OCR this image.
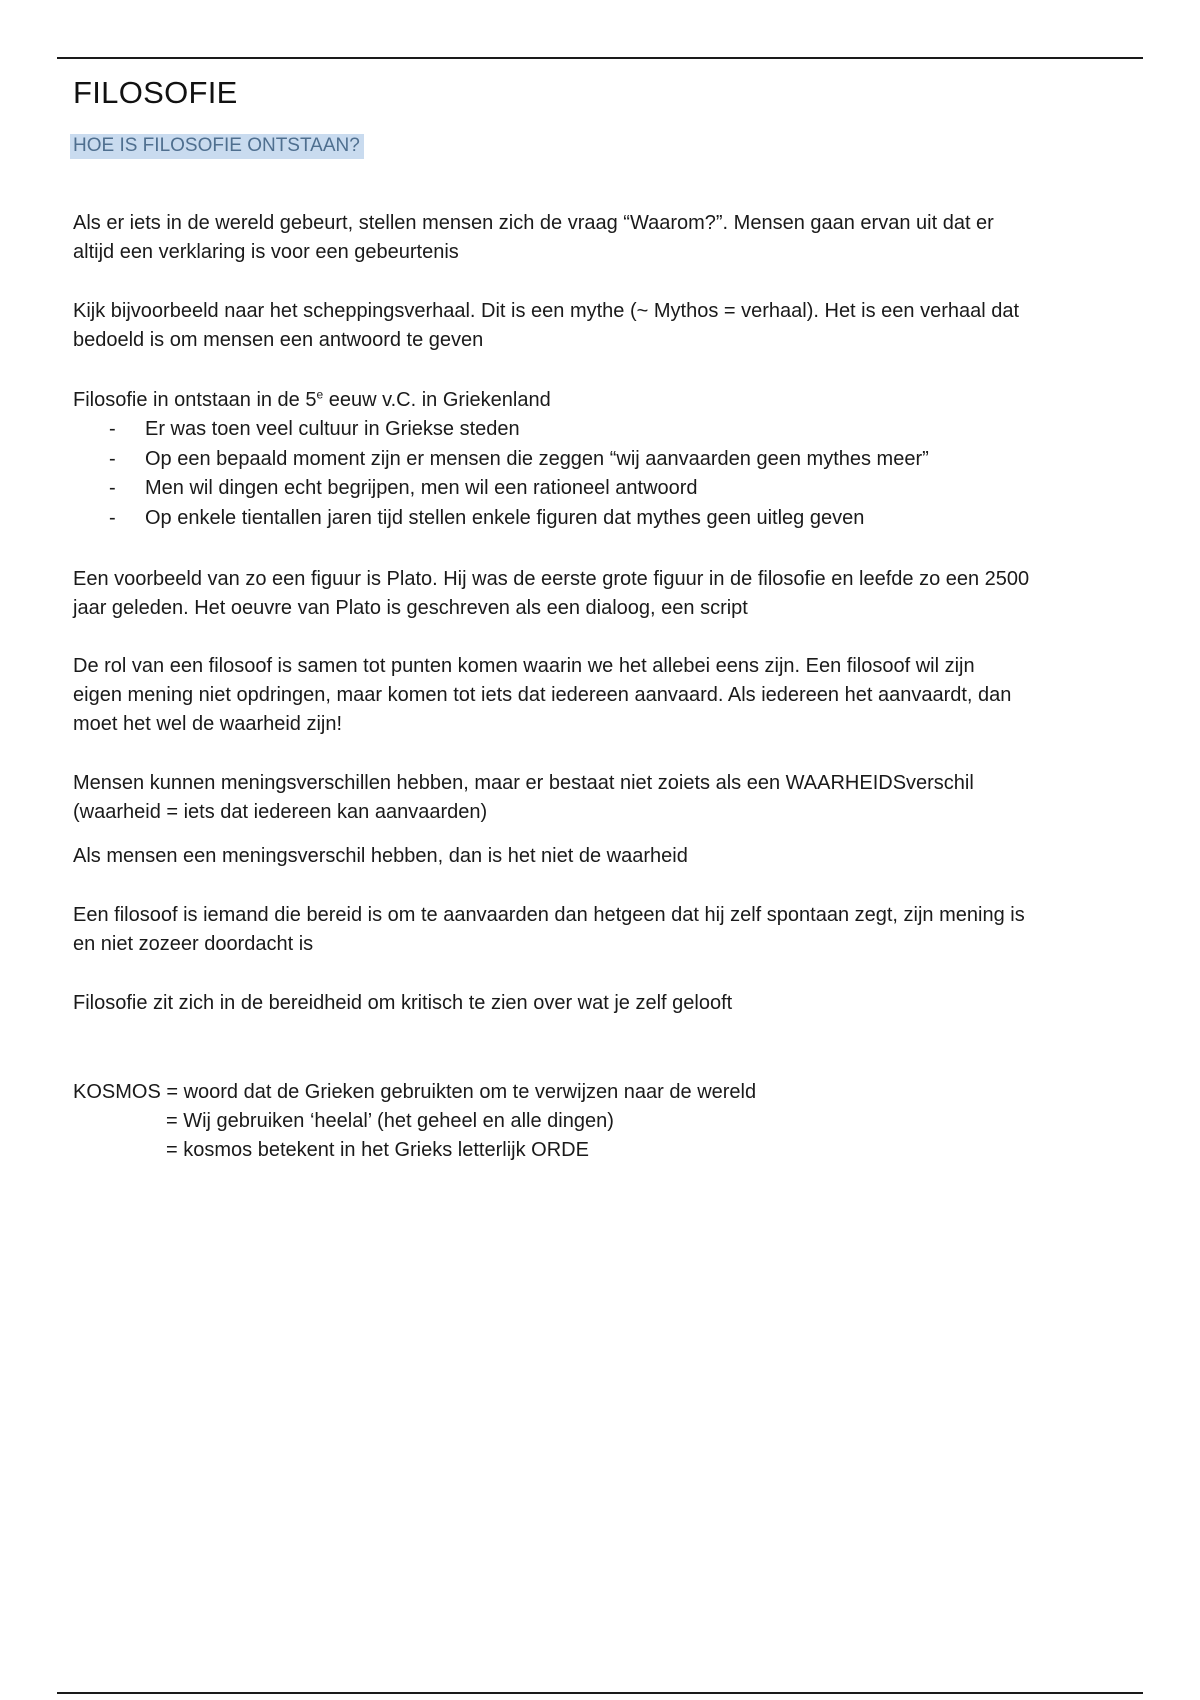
FILOSOFIE
HOE IS FILOSOFIE ONTSTAAN?

Als er iets in de wereld gebeurt, stellen mensen zich de vraag “Waarom?”. Mensen gaan ervan uit dat er

altijd een verklaring is voor een gebeurtenis

Kijk bijvoorbeeld naar het scheppingsverhaal. Dit is een mythe (~ Mythos = verhaal). Het is een verhaal dat

bedoeld is om mensen een antwoord te geven

Filosofie in ontstaan in de 5e eeuw v.C. in Griekenland

- Er was toen veel cultuur in Griekse steden
- Op een bepaald moment zijn er mensen die zeggen “wij aanvaarden geen mythes meer”
- Men wil dingen echt begrijpen, men wil een rationeel antwoord
- Op enkele tientallen jaren tijd stellen enkele figuren dat mythes geen uitleg geven

Een voorbeeld van zo een figuur is Plato. Hij was de eerste grote figuur in de filosofie en leefde zo een 2500

jaar geleden. Het oeuvre van Plato is geschreven als een dialoog, een script

De rol van een filosoof is samen tot punten komen waarin we het allebei eens zijn. Een filosoof wil zijn

eigen mening niet opdringen, maar komen tot iets dat iedereen aanvaard. Als iedereen het aanvaardt, dan

moet het wel de waarheid zijn!

Mensen kunnen meningsverschillen hebben, maar er bestaat niet zoiets als een WAARHEIDSverschil

(waarheid = iets dat iedereen kan aanvaarden)

Als mensen een meningsverschil hebben, dan is het niet de waarheid

Een filosoof is iemand die bereid is om te aanvaarden dan hetgeen dat hij zelf spontaan zegt, zijn mening is

en niet zozeer doordacht is

Filosofie zit zich in de bereidheid om kritisch te zien over wat je zelf gelooft

KOSMOS = woord dat de Grieken gebruikten om te verwijzen naar de wereld

= Wij gebruiken ‘heelal’ (het geheel en alle dingen)

= kosmos betekent in het Grieks letterlijk ORDE
